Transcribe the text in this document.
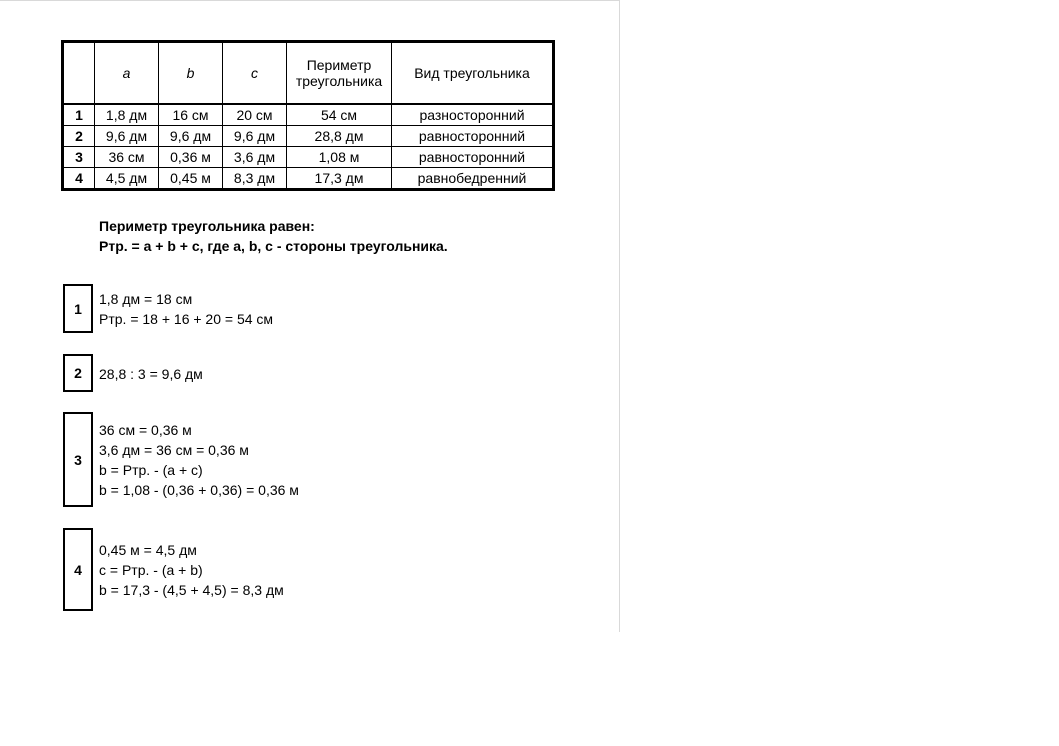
	a	b	c	Периметр треугольника	Вид треугольника
1	1,8 дм	16 см	20 см	54 см	разносторонний
2	9,6 дм	9,6 дм	9,6 дм	28,8 дм	равносторонний
3	36 см	0,36 м	3,6 дм	1,08 м	равносторонний
4	4,5 дм	0,45 м	8,3 дм	17,3 дм	равнобедренний
Периметр треугольника равен:
Ртр. = a + b + c, где a, b, c - стороны треугольника.
1
1,8 дм = 18 см
Ртр. = 18 + 16 + 20 = 54 см
2 28,8 : 3 = 9,6 дм
3
36 см = 0,36 м
3,6 дм = 36 см = 0,36 м
b = Ртр. - (a + c)
b = 1,08 - (0,36 + 0,36) = 0,36 м
4
0,45 м = 4,5 дм
c = Ртр. - (a + b)
b = 17,3 - (4,5 + 4,5) = 8,3 дм
